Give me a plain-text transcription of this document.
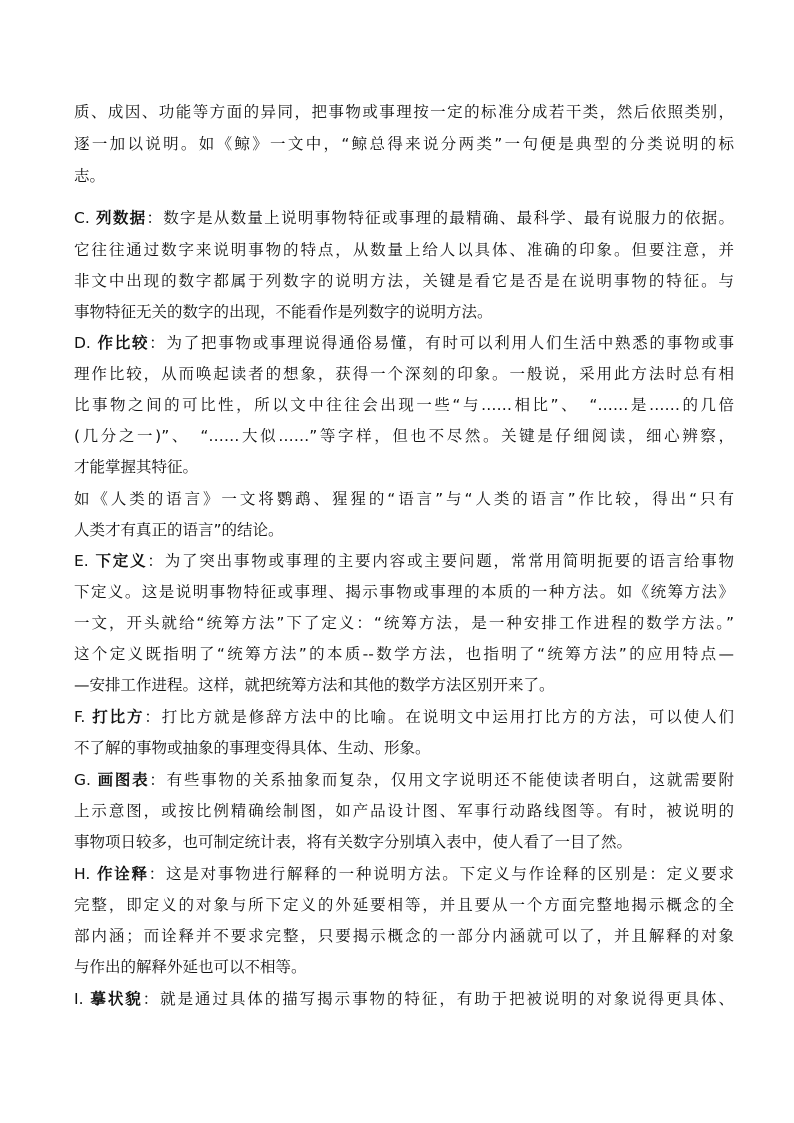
质、成因、功能等方面的异同，把事物或事理按一定的标准分成若干类，然后依照类别，
逐一加以说明。如《鲸》一文中，“鲸总得来说分两类”一句便是典型的分类说明的标
志。
C. 列数据：数字是从数量上说明事物特征或事理的最精确、最科学、最有说服力的依据。
它往往通过数字来说明事物的特点，从数量上给人以具体、准确的印象。但要注意，并
非文中出现的数字都属于列数字的说明方法，关键是看它是否是在说明事物的特征。与
事物特征无关的数字的出现，不能看作是列数字的说明方法。
D. 作比较：为了把事物或事理说得通俗易懂，有时可以利用人们生活中熟悉的事物或事
理作比较，从而唤起读者的想象，获得一个深刻的印象。一般说，采用此方法时总有相
比事物之间的可比性，所以文中往往会出现一些“与……相比”、　“……是……的几倍
(几分之一)”、　“……大似……”等字样，但也不尽然。关键是仔细阅读，细心辨察，
才能掌握其特征。
如《人类的语言》一文将鹦鹉、猩猩的“语言”与“人类的语言”作比较，得出“只有
人类才有真正的语言”的结论。
E. 下定义：为了突出事物或事理的主要内容或主要问题，常常用简明扼要的语言给事物
下定义。这是说明事物特征或事理、揭示事物或事理的本质的一种方法。如《统筹方法》
一文，开头就给“统筹方法”下了定义：“统筹方法，是一种安排工作进程的数学方法。”
这个定义既指明了“统筹方法”的本质--数学方法，也指明了“统筹方法”的应用特点—
—安排工作进程。这样，就把统筹方法和其他的数学方法区别开来了。
F. 打比方：打比方就是修辞方法中的比喻。在说明文中运用打比方的方法，可以使人们
不了解的事物或抽象的事理变得具体、生动、形象。
G. 画图表：有些事物的关系抽象而复杂，仅用文字说明还不能使读者明白，这就需要附
上示意图，或按比例精确绘制图，如产品设计图、军事行动路线图等。有时，被说明的
事物项日较多，也可制定统计表，将有关数字分别填入表中，使人看了一目了然。
H. 作诠释：这是对事物进行解释的一种说明方法。下定义与作诠释的区别是：定义要求
完整，即定义的对象与所下定义的外延要相等，并且要从一个方面完整地揭示概念的全
部内涵；而诠释并不要求完整，只要揭示概念的一部分内涵就可以了，并且解释的对象
与作出的解释外延也可以不相等。
I. 摹状貌：就是通过具体的描写揭示事物的特征，有助于把被说明的对象说得更具体、
